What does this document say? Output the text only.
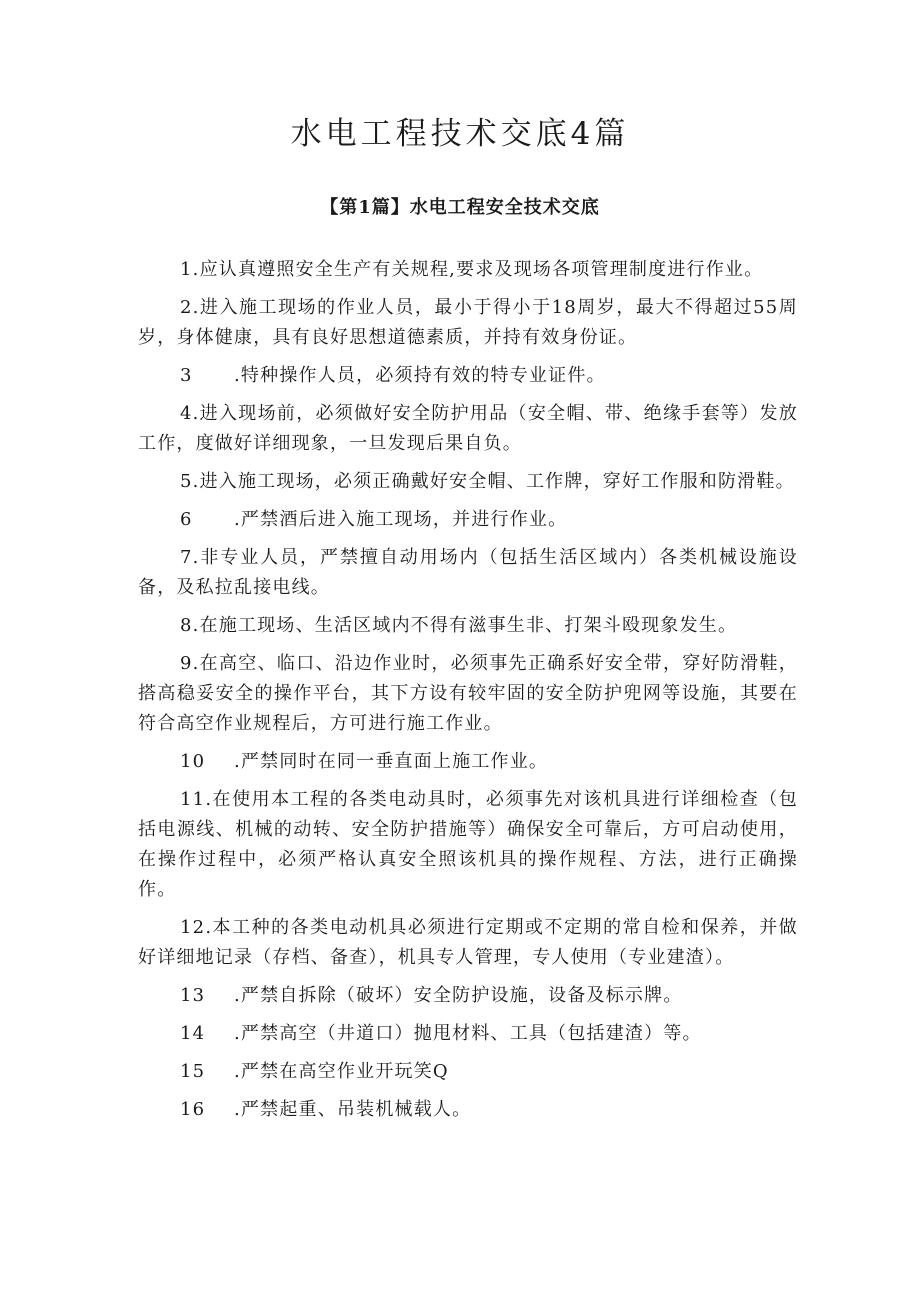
水电工程技术交底4篇
【第1篇】水电工程安全技术交底

1.应认真遵照安全生产有关规程,要求及现场各项管理制度进行作业。

2.进入施工现场的作业人员，最小于得小于18周岁，最大不得超过55周岁，身体健康，具有良好思想道德素质，并持有效身份证。

3 .特种操作人员，必须持有效的特专业证件。

4.进入现场前，必须做好安全防护用品（安全帽、带、绝缘手套等）发放工作，度做好详细现象，一旦发现后果自负。

5.进入施工现场，必须正确戴好安全帽、工作牌，穿好工作服和防滑鞋。

6 .严禁酒后进入施工现场，并进行作业。

7.非专业人员，严禁擅自动用场内（包括生活区域内）各类机械设施设备，及私拉乱接电线。

8.在施工现场、生活区域内不得有滋事生非、打架斗殴现象发生。

9.在高空、临口、沿边作业时，必须事先正确系好安全带，穿好防滑鞋，搭高稳妥安全的操作平台，其下方设有较牢固的安全防护兜网等设施，其要在符合高空作业规程后，方可进行施工作业。

10 .严禁同时在同一垂直面上施工作业。

11.在使用本工程的各类电动具时，必须事先对该机具进行详细检查（包括电源线、机械的动转、安全防护措施等）确保安全可靠后，方可启动使用，在操作过程中，必须严格认真安全照该机具的操作规程、方法，进行正确操作。

12.本工种的各类电动机具必须进行定期或不定期的常自检和保养，并做好详细地记录（存档、备查），机具专人管理，专人使用（专业建渣）。

13 .严禁自拆除（破坏）安全防护设施，设备及标示牌。

14 .严禁高空（井道口）抛甩材料、工具（包括建渣）等。

15 .严禁在高空作业开玩笑Q

16 .严禁起重、吊装机械载人。
